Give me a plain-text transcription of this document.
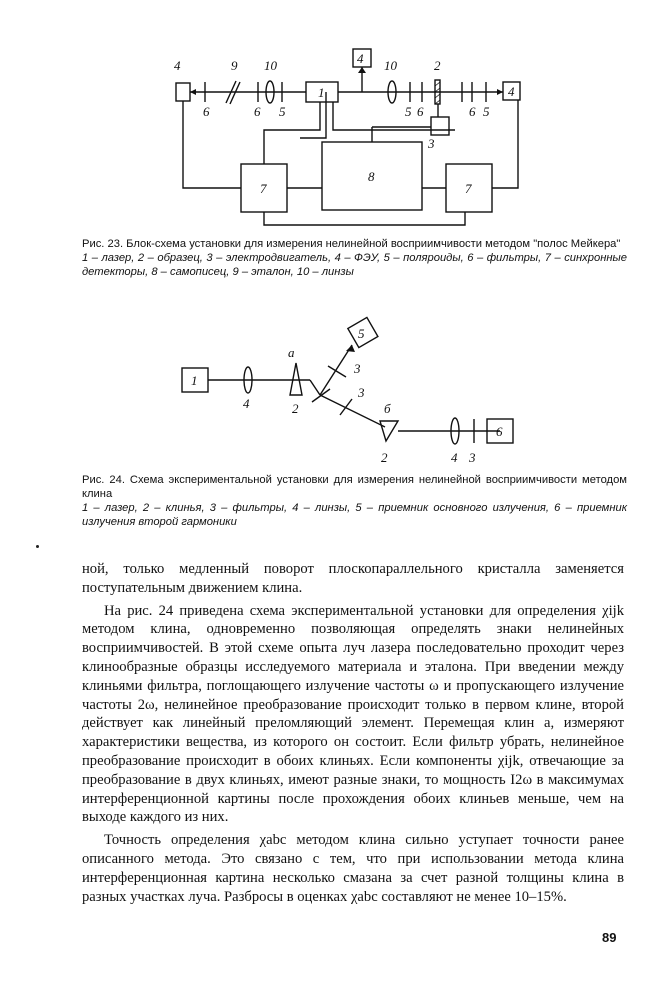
4	9 10
1
4 10	2
4
6	6 5	5 6	6 5
3
8
7	7
Рис. 23. Блок-схема установки для измерения нелинейной восприимчивости методом "полос Мейкера"
1 – лазер, 2 – образец, 3 – электродвигатель, 4 – ФЭУ, 5 – поляроиды, 6 – фильтры, 7 – синхронные детекторы, 8 – самописец, 9 – эталон, 10 – линзы
5
a
3
1
4
3
2	б
2	4 3
6
Рис. 24. Схема экспериментальной установки для измерения нелинейной восприимчивости методом клина
1 – лазер, 2 – клинья, 3 – фильтры, 4 – линзы, 5 – приемник основного излучения, 6 – приемник излучения второй гармоники

ной, только медленный поворот плоскопараллельного кристалла заменяется поступательным движением клина.

На рис. 24 приведена схема экспериментальной установки для определения χijk методом клина, одновременно позволяющая определять знаки нелинейных восприимчивостей. В этой схеме опыта луч лазера последовательно проходит через клинообразные образцы исследуемого материала и эталона. При введении между клиньями фильтра, поглощающего излучение частоты ω и пропускающего излучение частоты 2ω, нелинейное преобразование происходит только в первом клине, второй действует как линейный преломляющий элемент. Перемещая клин a, измеряют характеристики вещества, из которого он состоит. Если фильтр убрать, нелинейное преобразование происходит в обоих клиньях. Если компоненты χijk, отвечающие за преобразование в двух клиньях, имеют разные знаки, то мощность I2ω в максимумах интерференционной картины после прохождения обоих клиньев меньше, чем на выходе каждого из них.

Точность определения χabc методом клина сильно уступает точности ранее описанного метода. Это связано с тем, что при использовании метода клина интерференционная картина несколько смазана за счет разной толщины клина в разных участках луча. Разбросы в оценках χabc составляют не менее 10–15%.

89
